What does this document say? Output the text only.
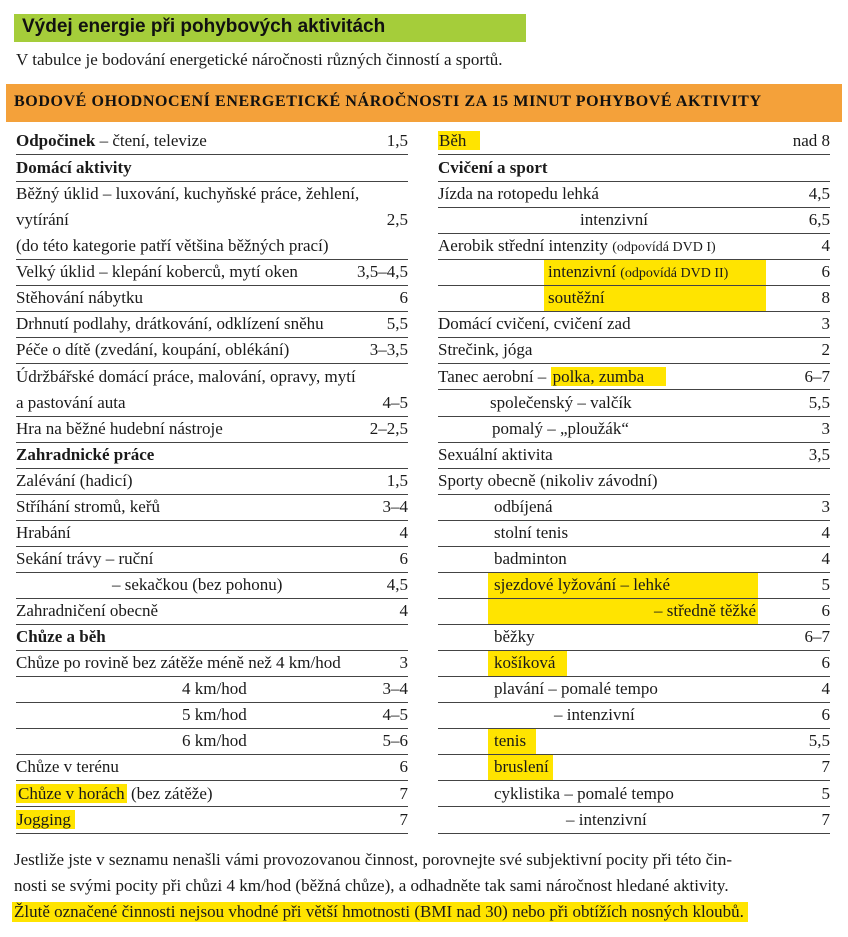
Výdej energie při pohybových aktivitách
V tabulce je bodování energetické náročnosti různých činností a sportů.
BODOVÉ OHODNOCENÍ ENERGETICKÉ NÁROČNOSTI ZA 15 MINUT POHYBOVÉ AKTIVITY
Odpočinek – čtení, televize	1,5
Domácí aktivity
Běžný úklid – luxování, kuchyňské práce, žehlení,
vytírání	2,5
(do této kategorie patří většina běžných prací)
Velký úklid – klepání koberců, mytí oken	3,5–4,5
Stěhování nábytku	6
Drhnutí podlahy, drátkování, odklízení sněhu	5,5
Péče o dítě (zvedání, koupání, oblékání)	3–3,5
Údržbářské domácí práce, malování, opravy, mytí
a pastování auta	4–5
Hra na běžné hudební nástroje	2–2,5
Zahradnické práce
Zalévání (hadicí)	1,5
Stříhání stromů, keřů	3–4
Hrabání	4
Sekání trávy – ruční	6
– sekačkou (bez pohonu)	4,5
Zahradničení obecně	4
Chůze a běh
Chůze po rovině bez zátěže méně než 4 km/hod	3
4 km/hod	3–4
5 km/hod	4–5
6 km/hod	5–6
Chůze v terénu	6
Chůze v horách (bez zátěže)	7
Jogging	7
Běh	nad 8
Cvičení a sport
Jízda na rotopedu lehká	4,5
intenzivní	6,5
Aerobik střední intenzity (odpovídá DVD I)	4
intenzivní (odpovídá DVD II)	6
soutěžní	8
Domácí cvičení, cvičení zad	3
Strečink, jóga	2
Tanec aerobní – polka, zumba	6–7
společenský – valčík	5,5
pomalý – „ploužák“	3
Sexuální aktivita	3,5
Sporty obecně (nikoliv závodní)
odbíjená	3
stolní tenis	4
badminton	4
sjezdové lyžování – lehké	5
– středně těžké	6
běžky	6–7
košíková	6
plavání – pomalé tempo	4
– intenzivní	6
tenis	5,5
bruslení	7
cyklistika – pomalé tempo	5
– intenzivní	7
Jestliže jste v seznamu nenašli vámi provozovanou činnost, porovnejte své subjektivní pocity při této čin-
nosti se svými pocity při chůzi 4 km/hod (běžná chůze), a odhadněte tak sami náročnost hledané aktivity.
Žlutě označené činnosti nejsou vhodné při větší hmotnosti (BMI nad 30) nebo při obtížích nosných kloubů.
